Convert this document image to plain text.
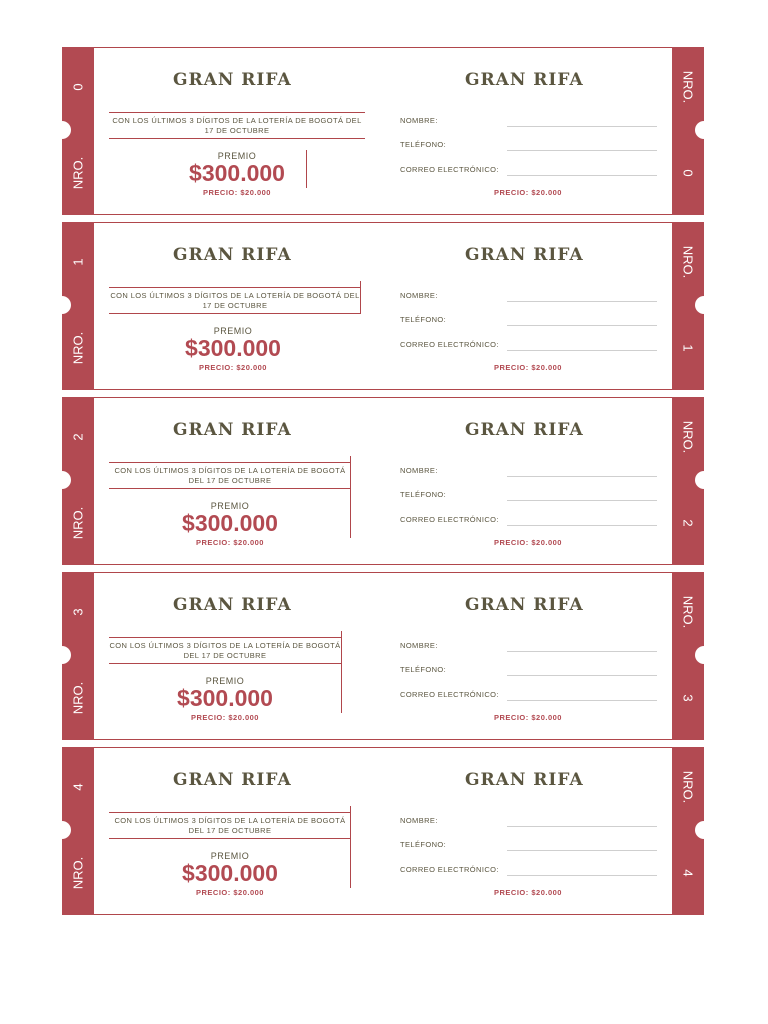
0
NRO.
GRAN RIFA
CON LOS ÚLTIMOS 3 DÍGITOS DE LA LOTERÍA DE BOGOTÁ DEL 17 DE OCTUBRE
PREMIO
$300.000
PRECIO: $20.000
GRAN RIFA
NOMBRE:
TELÉFONO:
CORREO ELECTRÓNICO:
PRECIO: $20.000
NRO.
0
1
NRO.
GRAN RIFA
CON LOS ÚLTIMOS 3 DÍGITOS DE LA LOTERÍA DE BOGOTÁ DEL 17 DE OCTUBRE
PREMIO
$300.000
PRECIO: $20.000
GRAN RIFA
NOMBRE:
TELÉFONO:
CORREO ELECTRÓNICO:
PRECIO: $20.000
NRO.
1
2
NRO.
GRAN RIFA
CON LOS ÚLTIMOS 3 DÍGITOS DE LA LOTERÍA DE BOGOTÁ DEL 17 DE OCTUBRE
PREMIO
$300.000
PRECIO: $20.000
GRAN RIFA
NOMBRE:
TELÉFONO:
CORREO ELECTRÓNICO:
PRECIO: $20.000
NRO.
2
3
NRO.
GRAN RIFA
CON LOS ÚLTIMOS 3 DÍGITOS DE LA LOTERÍA DE BOGOTÁ DEL 17 DE OCTUBRE
PREMIO
$300.000
PRECIO: $20.000
GRAN RIFA
NOMBRE:
TELÉFONO:
CORREO ELECTRÓNICO:
PRECIO: $20.000
NRO.
3
4
NRO.
GRAN RIFA
CON LOS ÚLTIMOS 3 DÍGITOS DE LA LOTERÍA DE BOGOTÁ DEL 17 DE OCTUBRE
PREMIO
$300.000
PRECIO: $20.000
GRAN RIFA
NOMBRE:
TELÉFONO:
CORREO ELECTRÓNICO:
PRECIO: $20.000
NRO.
4
